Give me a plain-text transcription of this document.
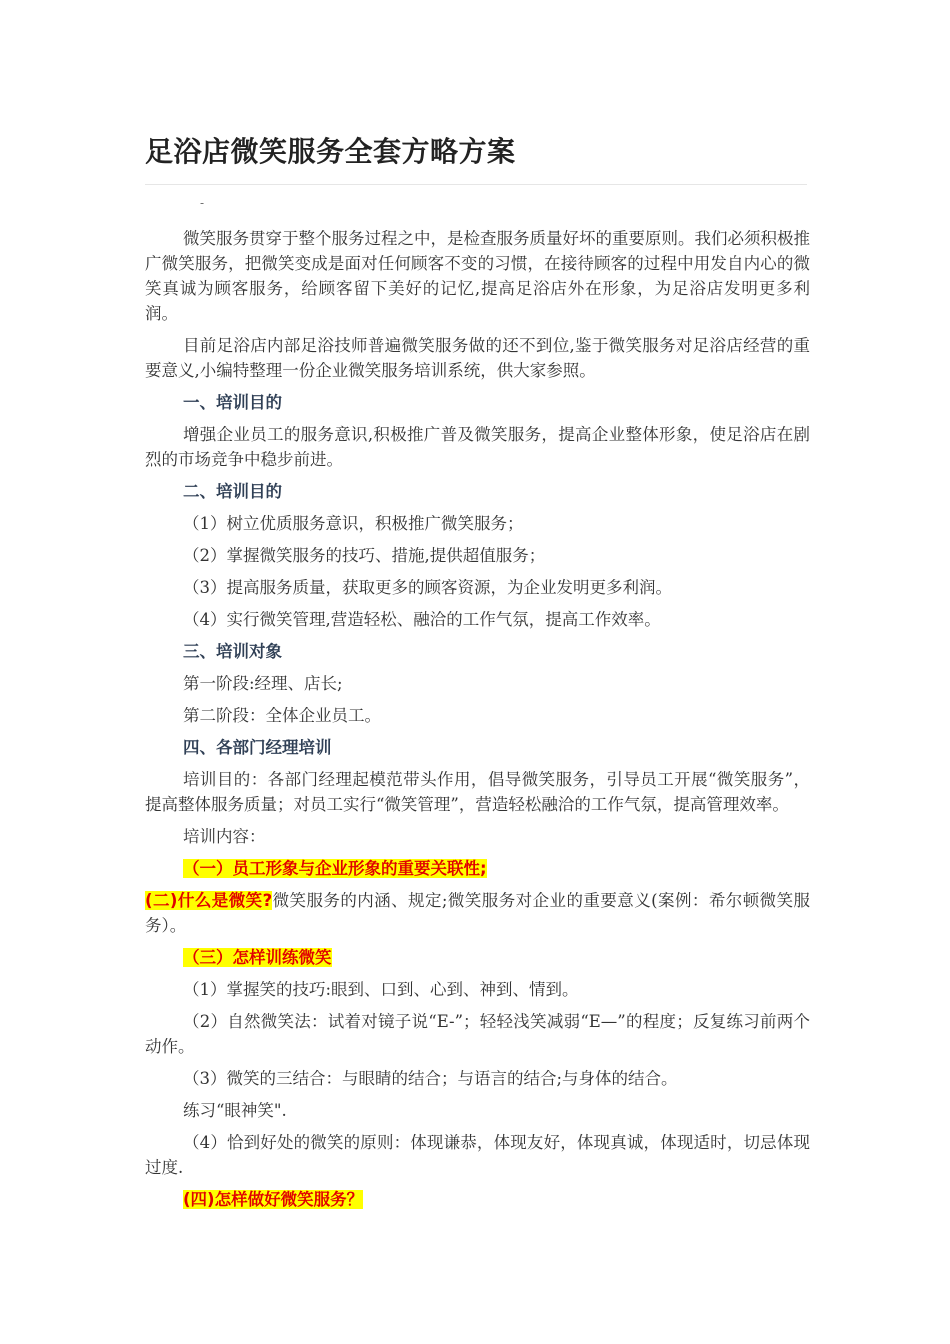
足浴店微笑服务全套方略方案
-

微笑服务贯穿于整个服务过程之中，是检查服务质量好坏的重要原则。我们必须积极推广微笑服务，把微笑变成是面对任何顾客不变的习惯，在接待顾客的过程中用发自内心的微笑真诚为顾客服务，给顾客留下美好的记忆,提高足浴店外在形象，为足浴店发明更多利润。

目前足浴店内部足浴技师普遍微笑服务做的还不到位,鉴于微笑服务对足浴店经营的重要意义,小编特整理一份企业微笑服务培训系统，供大家参照。

一、培训目的

增强企业员工的服务意识,积极推广普及微笑服务，提高企业整体形象，使足浴店在剧烈的市场竞争中稳步前进。

二、培训目的

（1）树立优质服务意识，积极推广微笑服务；

（2）掌握微笑服务的技巧、措施,提供超值服务；

（3）提高服务质量，获取更多的顾客资源，为企业发明更多利润。

（4）实行微笑管理,营造轻松、融洽的工作气氛，提高工作效率。

三、培训对象

第一阶段:经理、店长;

第二阶段：全体企业员工。

四、各部门经理培训

培训目的：各部门经理起模范带头作用，倡导微笑服务，引导员工开展“微笑服务”，提高整体服务质量；对员工实行“微笑管理”，营造轻松融洽的工作气氛，提高管理效率。

培训内容：

（一）员工形象与企业形象的重要关联性;

(二)什么是微笑?微笑服务的内涵、规定;微笑服务对企业的重要意义(案例：希尔顿微笑服务）。

（三）怎样训练微笑

（1）掌握笑的技巧:眼到、口到、心到、神到、情到。

（2）自然微笑法：试着对镜子说“E-”；轻轻浅笑减弱“E—”的程度；反复练习前两个动作。

（3）微笑的三结合：与眼睛的结合；与语言的结合;与身体的结合。

练习“眼神笑".

（4）恰到好处的微笑的原则：体现谦恭，体现友好，体现真诚，体现适时，切忌体现过度.

(四)怎样做好微笑服务？
